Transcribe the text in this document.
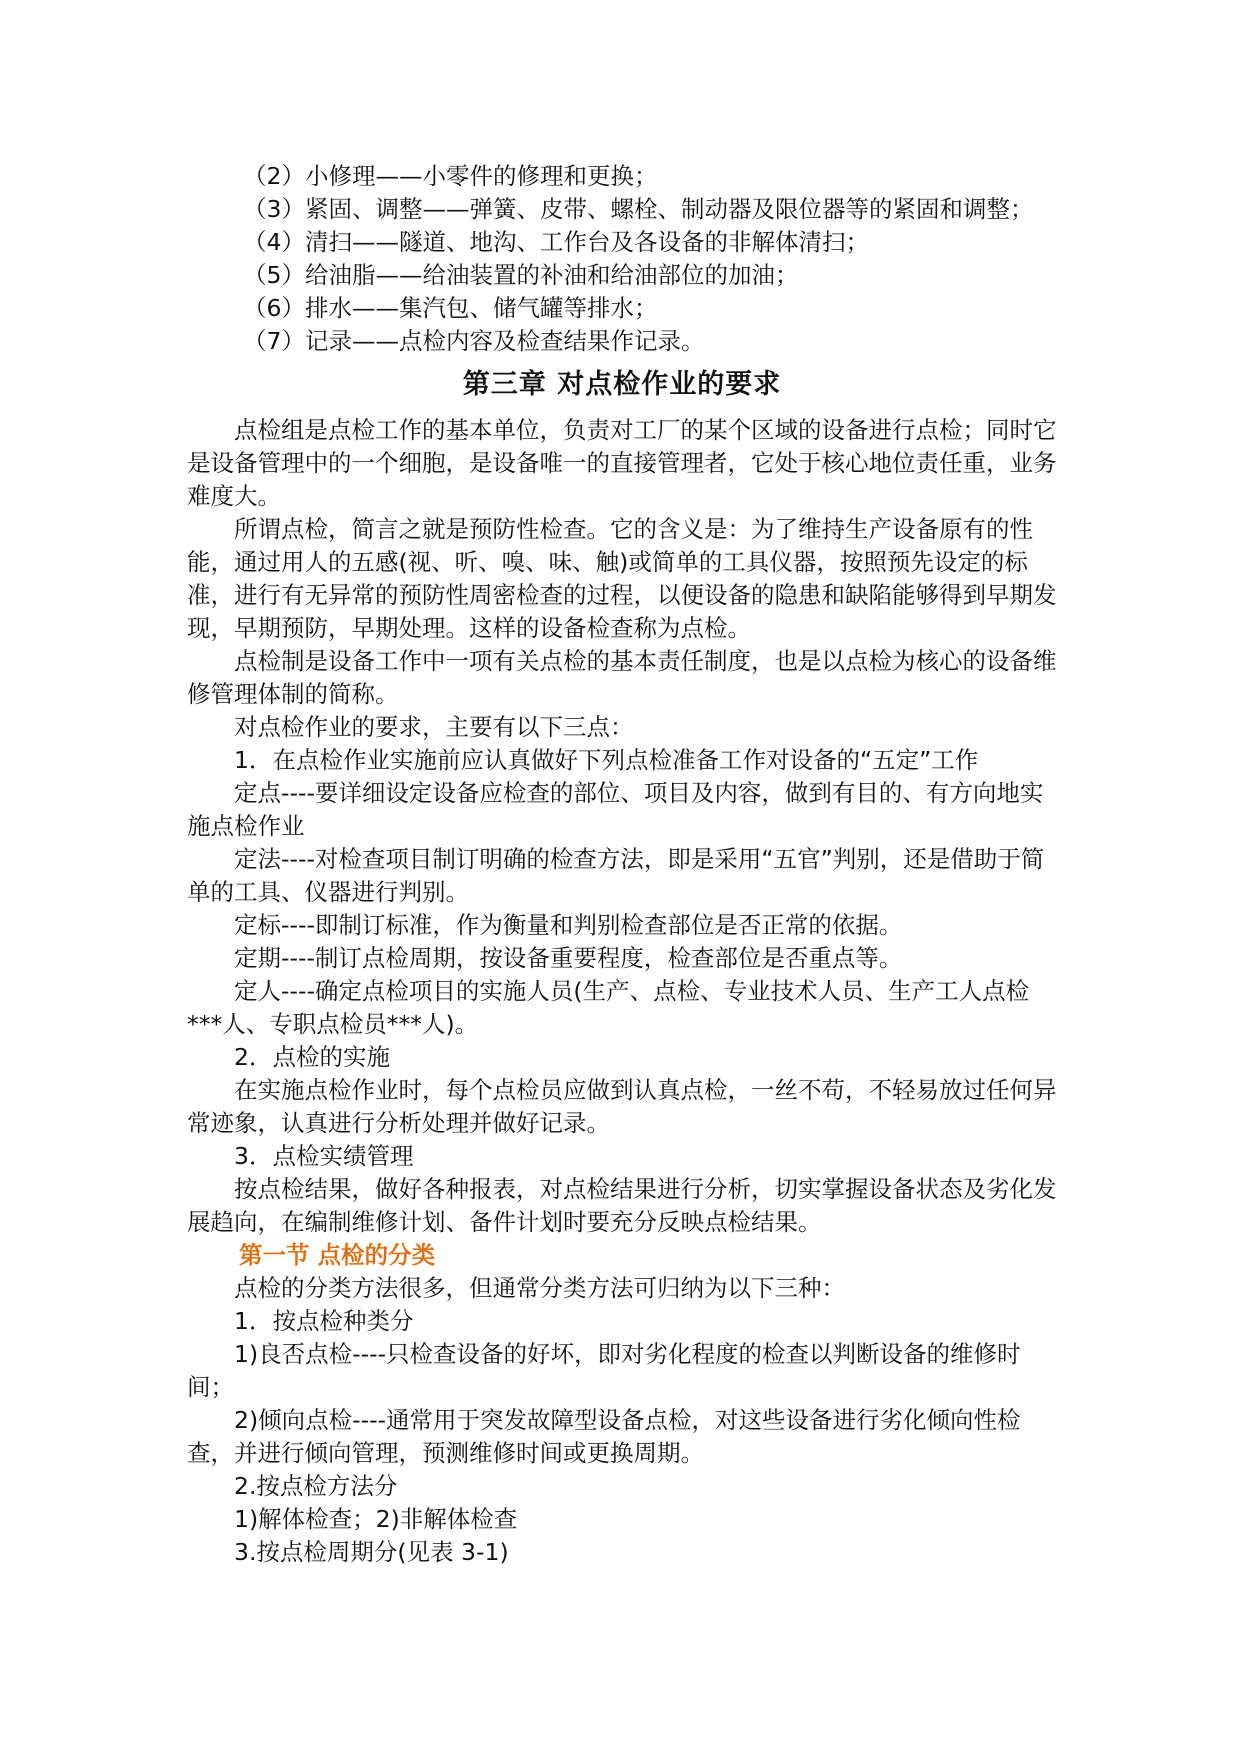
（2）小修理——小零件的修理和更换；

（3）紧固、调整——弹簧、皮带、螺栓、制动器及限位器等的紧固和调整；

（4）清扫——隧道、地沟、工作台及各设备的非解体清扫；

（5）给油脂——给油装置的补油和给油部位的加油；

（6）排水——集汽包、储气罐等排水；

（7）记录——点检内容及检查结果作记录。

第三章 对点检作业的要求

点检组是点检工作的基本单位，负责对工厂的某个区域的设备进行点检；同时它是设备管理中的一个细胞，是设备唯一的直接管理者，它处于核心地位责任重，业务难度大。

所谓点检，简言之就是预防性检查。它的含义是：为了维持生产设备原有的性能，通过用人的五感(视、听、嗅、味、触)或简单的工具仪器，按照预先设定的标准，进行有无异常的预防性周密检查的过程，以便设备的隐患和缺陷能够得到早期发现，早期预防，早期处理。这样的设备检查称为点检。

点检制是设备工作中一项有关点检的基本责任制度，也是以点检为核心的设备维修管理体制的简称。

对点检作业的要求，主要有以下三点：

1．在点检作业实施前应认真做好下列点检准备工作对设备的“五定”工作

定点----要详细设定设备应检查的部位、项目及内容，做到有目的、有方向地实施点检作业

定法----对检查项目制订明确的检查方法，即是采用“五官”判别，还是借助于简单的工具、仪器进行判别。

定标----即制订标准，作为衡量和判别检查部位是否正常的依据。

定期----制订点检周期，按设备重要程度，检查部位是否重点等。

定人----确定点检项目的实施人员(生产、点检、专业技术人员、生产工人点检***人、专职点检员***人)。

2．点检的实施

在实施点检作业时，每个点检员应做到认真点检，一丝不苟，不轻易放过任何异常迹象，认真进行分析处理并做好记录。

3．点检实绩管理

按点检结果，做好各种报表，对点检结果进行分析，切实掌握设备状态及劣化发展趋向，在编制维修计划、备件计划时要充分反映点检结果。

第一节 点检的分类

点检的分类方法很多，但通常分类方法可归纳为以下三种：

1．按点检种类分

1)良否点检----只检查设备的好坏，即对劣化程度的检查以判断设备的维修时间；

2)倾向点检----通常用于突发故障型设备点检，对这些设备进行劣化倾向性检查，并进行倾向管理，预测维修时间或更换周期。

2.按点检方法分

1)解体检查；2)非解体检查

3.按点检周期分(见表 3-1)
